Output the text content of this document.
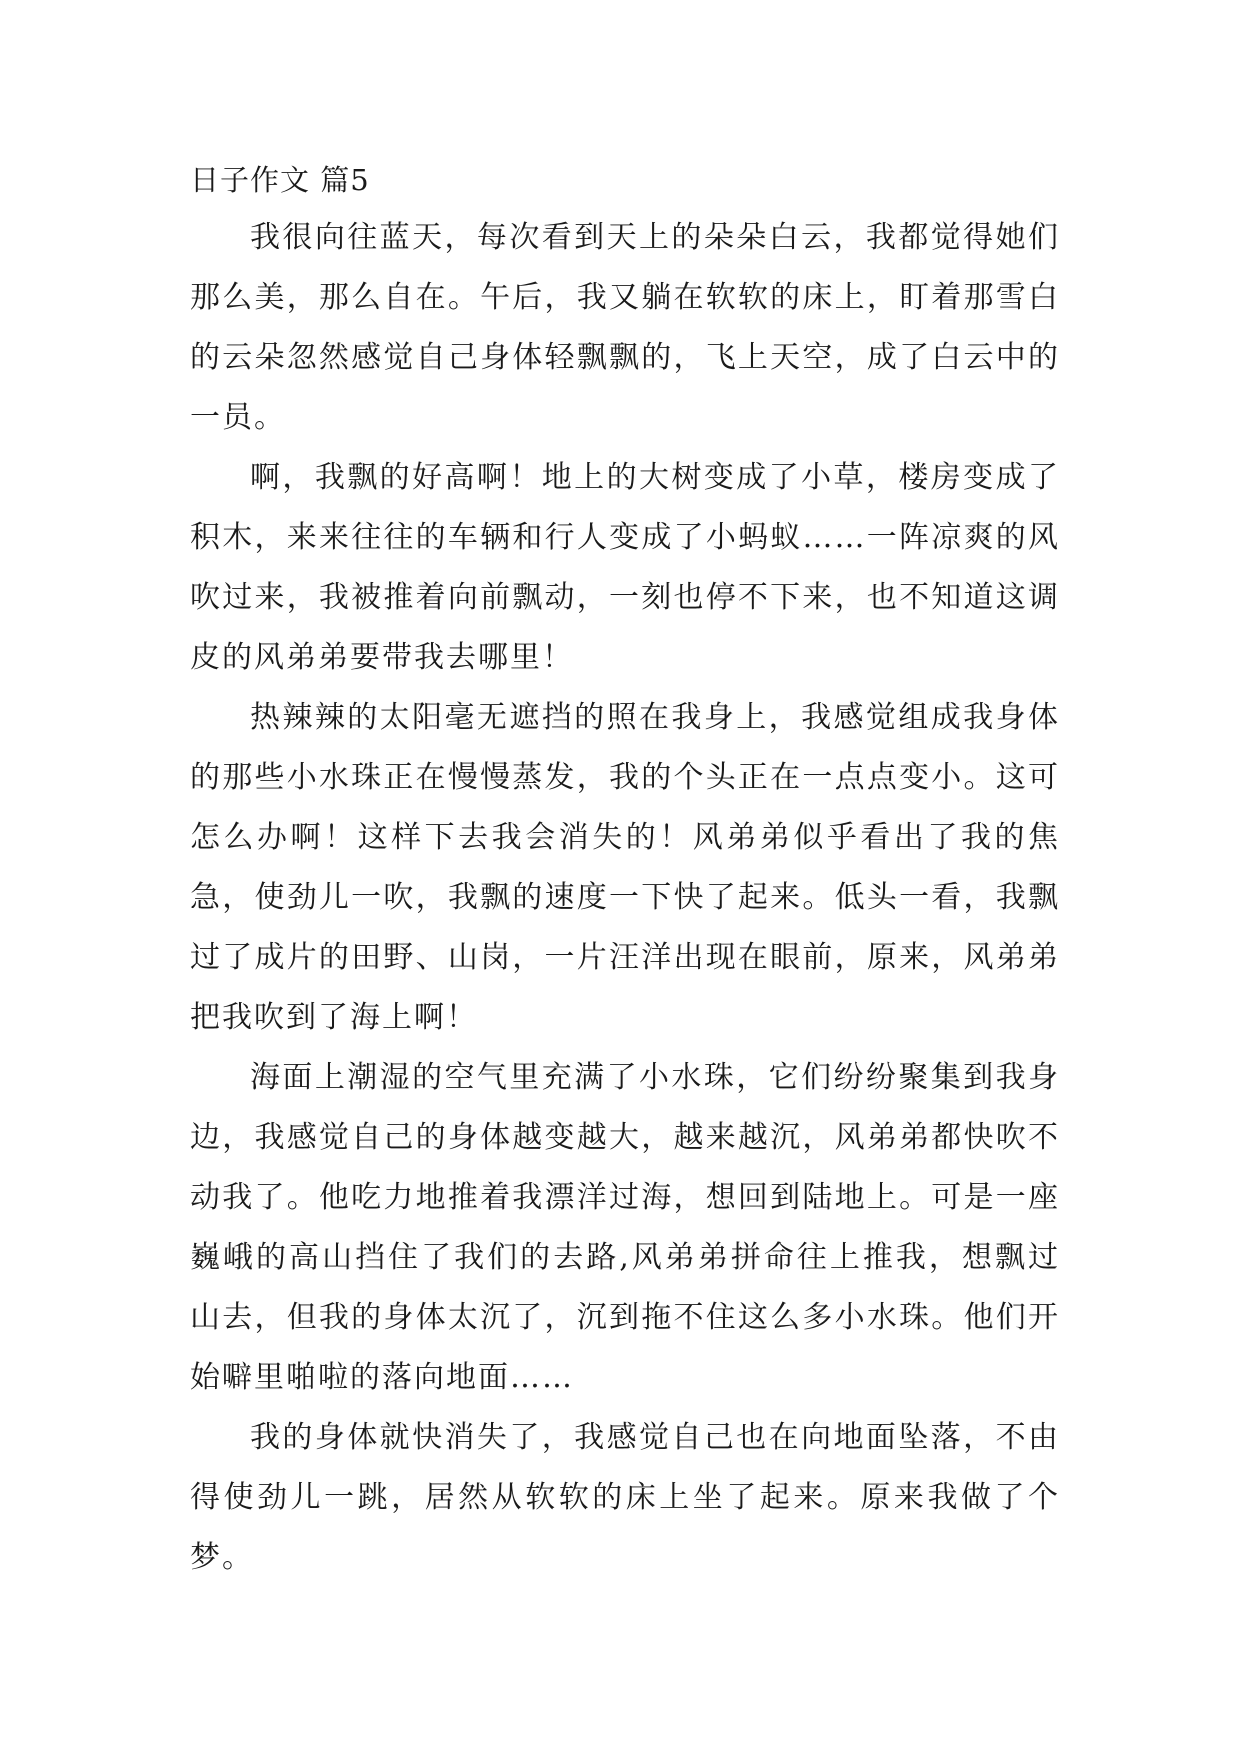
日子作文 篇5

我很向往蓝天，每次看到天上的朵朵白云，我都觉得她们那么美，那么自在。午后，我又躺在软软的床上，盯着那雪白的云朵忽然感觉自己身体轻飘飘的，飞上天空，成了白云中的一员。

啊，我飘的好高啊！地上的大树变成了小草，楼房变成了积木，来来往往的车辆和行人变成了小蚂蚁……一阵凉爽的风吹过来，我被推着向前飘动，一刻也停不下来，也不知道这调皮的风弟弟要带我去哪里！

热辣辣的太阳毫无遮挡的照在我身上，我感觉组成我身体的那些小水珠正在慢慢蒸发，我的个头正在一点点变小。这可怎么办啊！这样下去我会消失的！风弟弟似乎看出了我的焦急，使劲儿一吹，我飘的速度一下快了起来。低头一看，我飘过了成片的田野、山岗，一片汪洋出现在眼前，原来，风弟弟把我吹到了海上啊！

海面上潮湿的空气里充满了小水珠，它们纷纷聚集到我身边，我感觉自己的身体越变越大，越来越沉，风弟弟都快吹不动我了。他吃力地推着我漂洋过海，想回到陆地上。可是一座巍峨的高山挡住了我们的去路,风弟弟拼命往上推我，想飘过山去，但我的身体太沉了，沉到拖不住这么多小水珠。他们开始噼里啪啦的落向地面……

我的身体就快消失了，我感觉自己也在向地面坠落，不由得使劲儿一跳，居然从软软的床上坐了起来。原来我做了个梦。
